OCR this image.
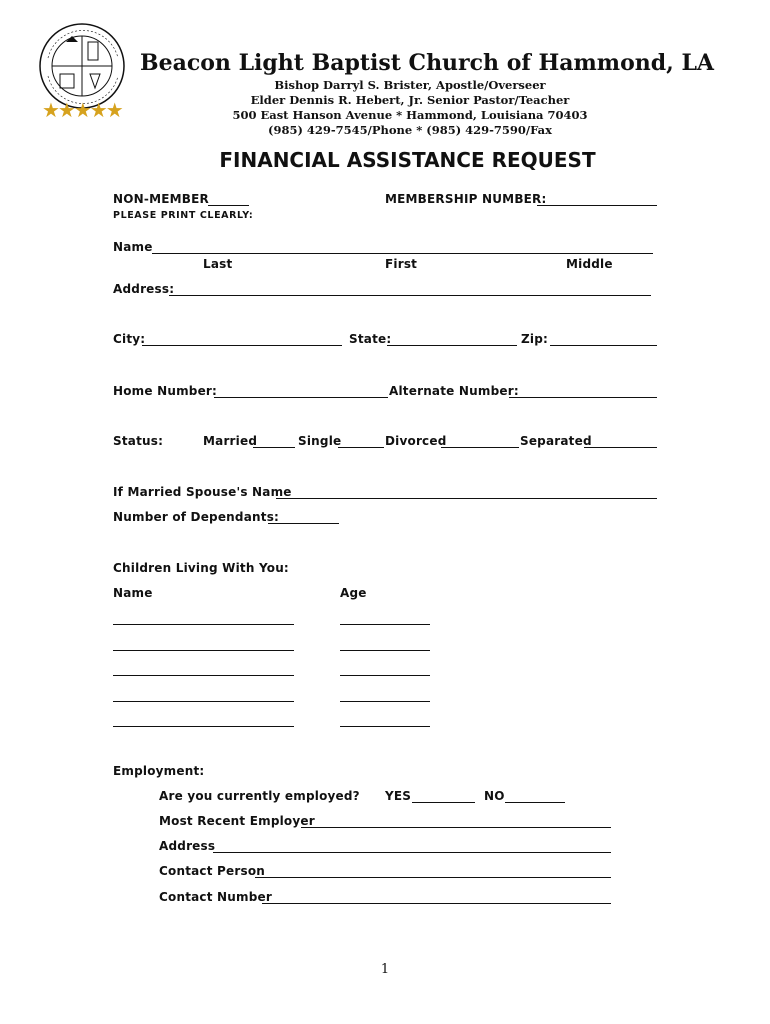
★★★★★
Beacon Light Baptist Church of Hammond, LA
Bishop Darryl S. Brister, Apostle/Overseer
Elder Dennis R. Hebert, Jr. Senior Pastor/Teacher
500 East Hanson Avenue * Hammond, Louisiana 70403
(985) 429-7545/Phone * (985) 429-7590/Fax
FINANCIAL ASSISTANCE REQUEST
NON-MEMBER	MEMBERSHIP NUMBER:
PLEASE PRINT CLEARLY:
Name
Last	First	Middle
Address:
City:	State:	Zip:
Home Number:	Alternate Number:
Status:	Married	Single	Divorced	Separated
If Married Spouse's Name
Number of Dependants:
Children Living With You:
Name	Age
Employment:
Are you currently employed? YES	NO
Most Recent Employer
Address
Contact Person
Contact Number
1
